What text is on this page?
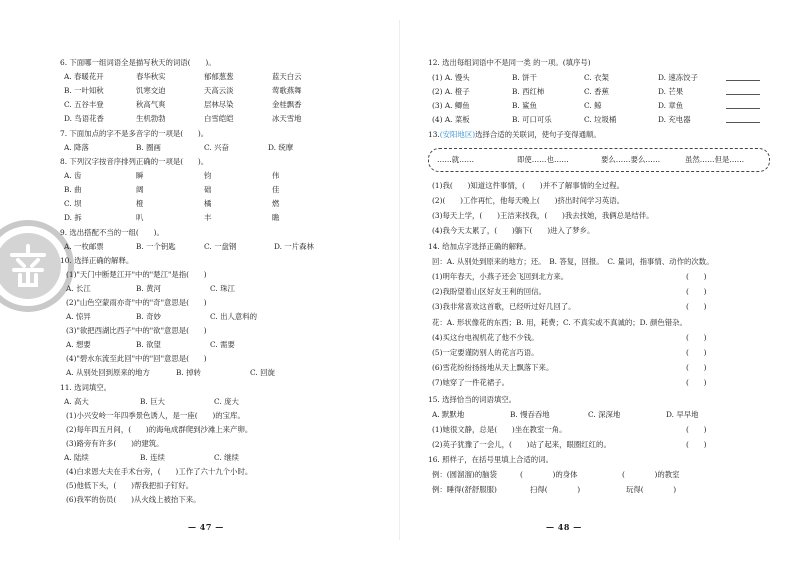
6. 下面哪一组词语全是描写秋天的词语(　　)。
A. 春暖花开	春华秋实	郁郁葱葱	蓝天白云
B. 一叶知秋	饥寒交迫	天高云淡	莺歌燕舞
C. 五谷丰登	秋高气爽	层林尽染	金桂飘香
D. 鸟语花香	生机勃勃	白雪皑皑	冰天雪地
7. 下面加点的字不是多音字的一项是(　　)。
A. 降落	B. 圈画	C. 兴奋	D. 统摩
8. 下列汉字按音序排列正确的一项是(　　)。
A. 齿	瞬	钧	伟
B. 曲	阔	础	佳
C. 坝	橙	橘	燃
D. 拆	叭	丰	瞻
9. 选出搭配不当的一组(　　)。
A. 一枚邮票	B. 一个钥匙	C. 一盘钢	D. 一片森林
10. 选择正确的解释。
(1)"天门中断楚江开"中的"楚江"是指(　　)
A. 长江	B. 黄河	C. 珠江
(2)"山色空蒙雨亦奇"中的"奇"意思是(　　)
A. 惊异	B. 奇妙	C. 出人意料的
(3)"欲把西湖比西子"中的"欲"意思是(　　)
A. 想要	B. 欲望	C. 需要
(4)"碧水东流至此回"中的"回"意思是(　　)
A. 从别处回到原来的地方	B. 掉转	C. 回旋
11. 选词填空。
A. 高大	B. 巨大	C. 庞大
(1)小兴安岭一年四季景色诱人，是一座(　　)的宝库。
(2)每年四五月间，(　　)的海龟成群爬到沙滩上来产卵。
(3)路旁有许多(　　)的建筑。
A. 陆续	B. 连续	C. 继续
(4)白求恩大夫在手术台旁，(　　)工作了六十九个小时。
(5)他低下头，(　　)帮我把扣子钉好。
(6)我军的伤员(　　)从火线上被抬下来。
— 47 —
12. 选出每组词语中不是同一类 的一项。(填序号)
(1) A. 馒头	B. 饼干	C. 衣架	D. 速冻饺子
(2) A. 橙子	B. 西红柿	C. 香蕉	D. 芒果
(3) A. 鲫鱼	B. 鲨鱼	C. 鲸	D. 章鱼
(4) A. 菜板	B. 可口可乐	C. 垃圾桶	D. 充电器
13.(安阳地区)选择合适的关联词，使句子变得通顺。
……就……	即使……也……	要么……要么……	虽然……但是……
(1)我(　　)知道这件事情，(　　)并不了解事情的全过程。
(2)(　　)工作再忙，他每天晚上(　　)挤出时间学习英语。
(3)每天上学，(　　)王洁来找我，(　　)我去找她，我俩总是结伴。
(4)我今天太累了，(　　)躺下(　　)进入了梦乡。
14. 给加点字选择正确的解释。
回：A. 从别处到原来的地方；还。　B. 答复，回报。　C. 量词，指事情、动作的次数。
(1)明年春天，小燕子还会飞回到北方来。	(　　)
(2)我盼望着山区好友王利的回信。	(　　)
(3)我非常喜欢这首歌，已经听过好几回了。	(　　)
花：A. 形状像花的东西；B. 用，耗费；C. 不真实或不真诚的；D. 颜色错杂。
(4)买这台电视机花了他不少钱。	(　　)
(5)一定要谨防别人的花言巧语。	(　　)
(6)雪花纷纷扬扬地从天上飘落下来。	(　　)
(7)她穿了一件花裙子。	(　　)
15. 选择恰当的词语填空。
A. 默默地	B. 慢吞吞地	C. 深深地	D. 早早地
(1)她很文静，总是(　　)坐在教室一角。	(　　)
(2)英子犹豫了一会儿，(　　)站了起来，眼圈红红的。	(　　)
16. 照样子，在括号里填上合适的词。
例：(圆溜溜)的脑袋	(　　　　)的身体	(　　　　)的教室
例：睡得(舒舒服服)	扫得(　　　　)	玩得(　　　　)
— 48 —
